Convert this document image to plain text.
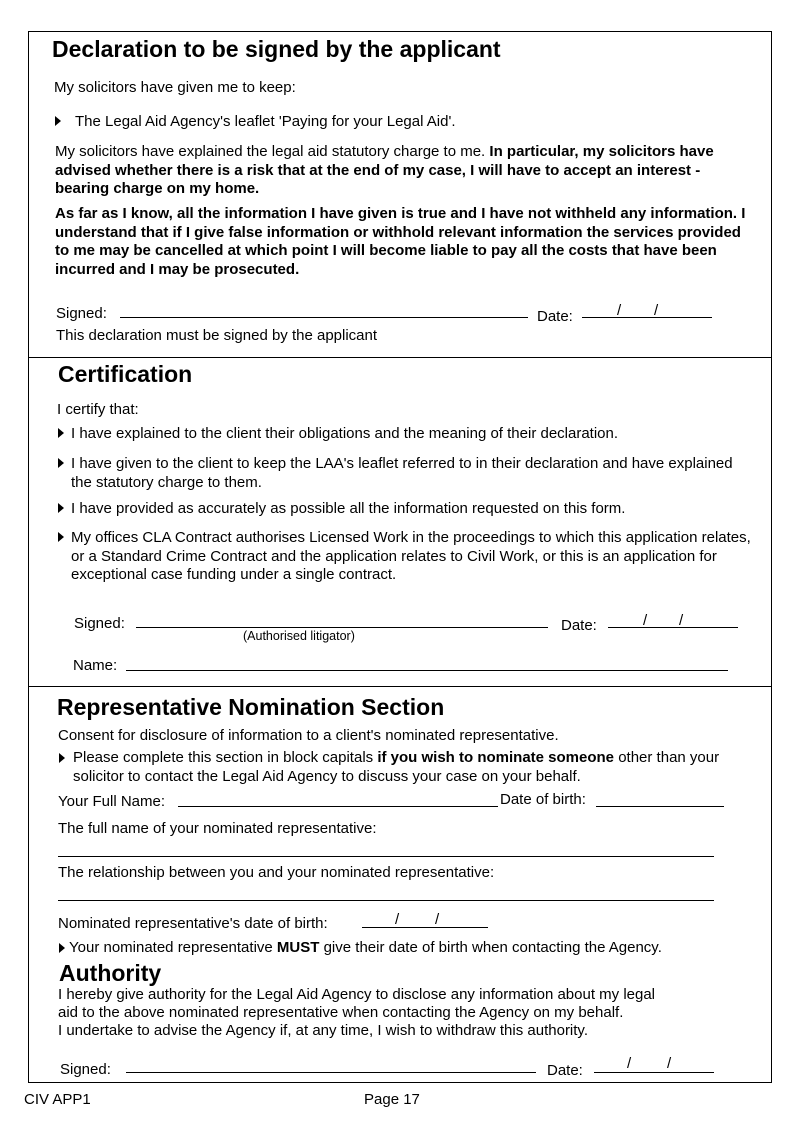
Declaration to be signed by the applicant
My solicitors have given me to keep:
The Legal Aid Agency's leaflet 'Paying for your Legal Aid'.
My solicitors have explained the legal aid statutory charge to me. In particular, my solicitors have advised whether there is a risk that at the end of my case, I will have to accept an interest - bearing charge on my home.
As far as I know, all the information I have given is true and I have not withheld any information. I understand that if I give false information or withhold relevant information the services provided to me may be cancelled at which point I will become liable to pay all the costs that have been incurred and I may be prosecuted.
Signed:	Date:	/ /
This declaration must be signed by the applicant
Certification
I certify that:
I have explained to the client their obligations and the meaning of their declaration.
I have given to the client to keep the LAA's leaflet referred to in their declaration and have explained the statutory charge to them.
I have provided as accurately as possible all the information requested on this form.
My offices CLA Contract authorises Licensed Work in the proceedings to which this application relates, or a Standard Crime Contract and the application relates to Civil Work, or this is an application for exceptional case funding under a single contract.
Signed:
(Authorised litigator)
Date:	/ /
Name:
Representative Nomination Section
Consent for disclosure of information to a client's nominated representative.
Please complete this section in block capitals if you wish to nominate someone other than your solicitor to contact the Legal Aid Agency to discuss your case on your behalf.
Your Full Name:	Date of birth:
The full name of your nominated representative:
The relationship between you and your nominated representative:
Nominated representative's date of birth:	/ /
Your nominated representative MUST give their date of birth when contacting the Agency.
Authority
I hereby give authority for the Legal Aid Agency to disclose any information about my legal
aid to the above nominated representative when contacting the Agency on my behalf.
I undertake to advise the Agency if, at any time, I wish to withdraw this authority.
Signed:	Date:	/ /
CIV APP1	Page 17
